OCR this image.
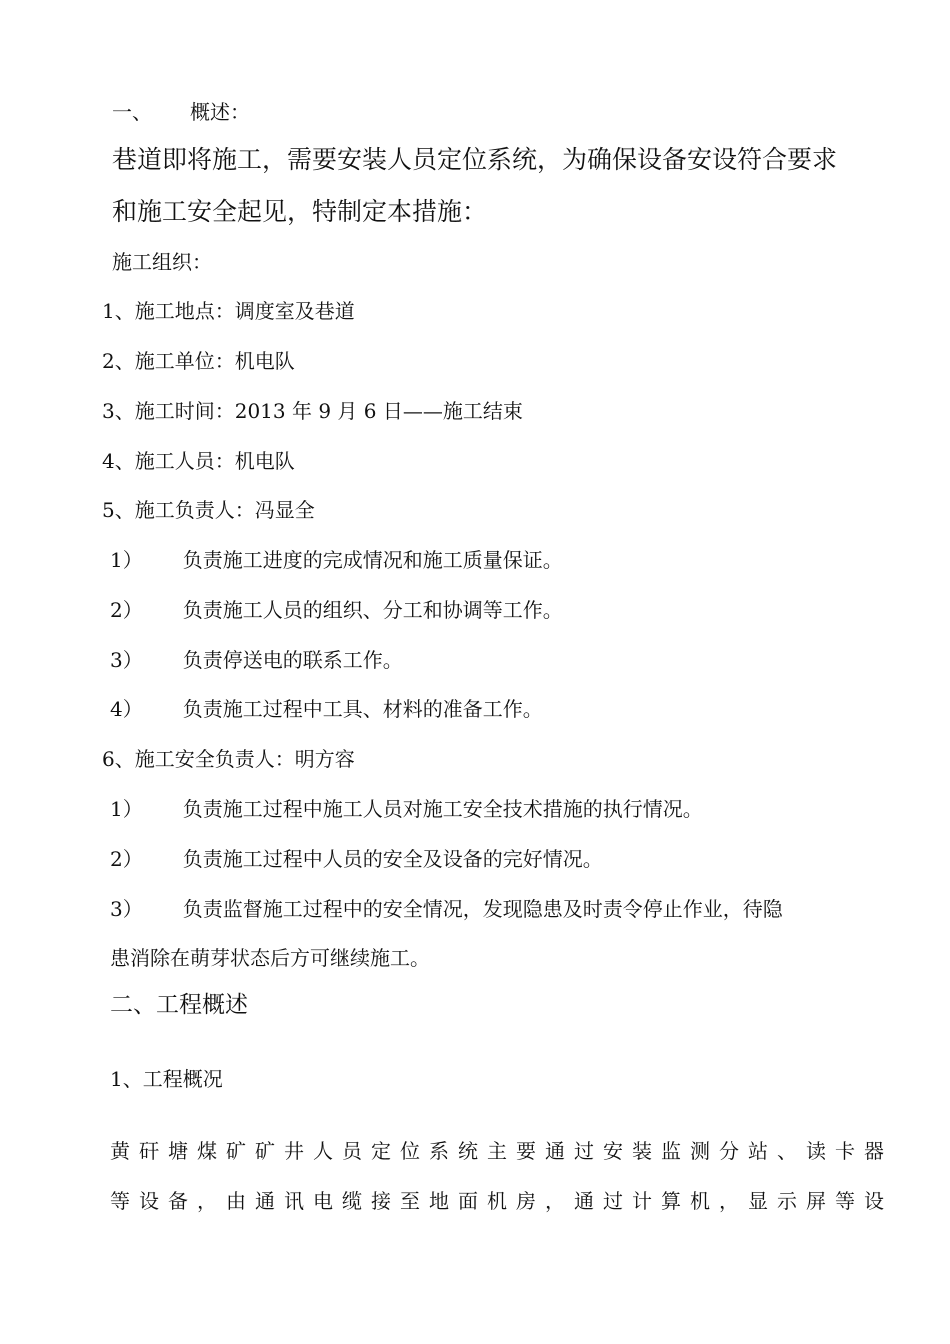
一、 概述：
巷道即将施工，需要安装人员定位系统，为确保设备安设符合要求
和施工安全起见，特制定本措施：
施工组织：
1、施工地点：调度室及巷道
2、施工单位：机电队
3、施工时间：2013 年 9 月 6 日——施工结束
4、施工人员：机电队
5、施工负责人：冯显全
1） 负责施工进度的完成情况和施工质量保证。
2） 负责施工人员的组织、分工和协调等工作。
3） 负责停送电的联系工作。
4） 负责施工过程中工具、材料的准备工作。
6、施工安全负责人：明方容
1） 负责施工过程中施工人员对施工安全技术措施的执行情况。
2） 负责施工过程中人员的安全及设备的完好情况。
3） 负责监督施工过程中的安全情况，发现隐患及时责令停止作业，待隐
患消除在萌芽状态后方可继续施工。
二、工程概述
1、工程概况
黄矸塘煤矿矿井人员定位系统主要通过安装监测分站、读卡器
等设备，由通讯电缆接至地面机房，通过计算机，显示屏等设
